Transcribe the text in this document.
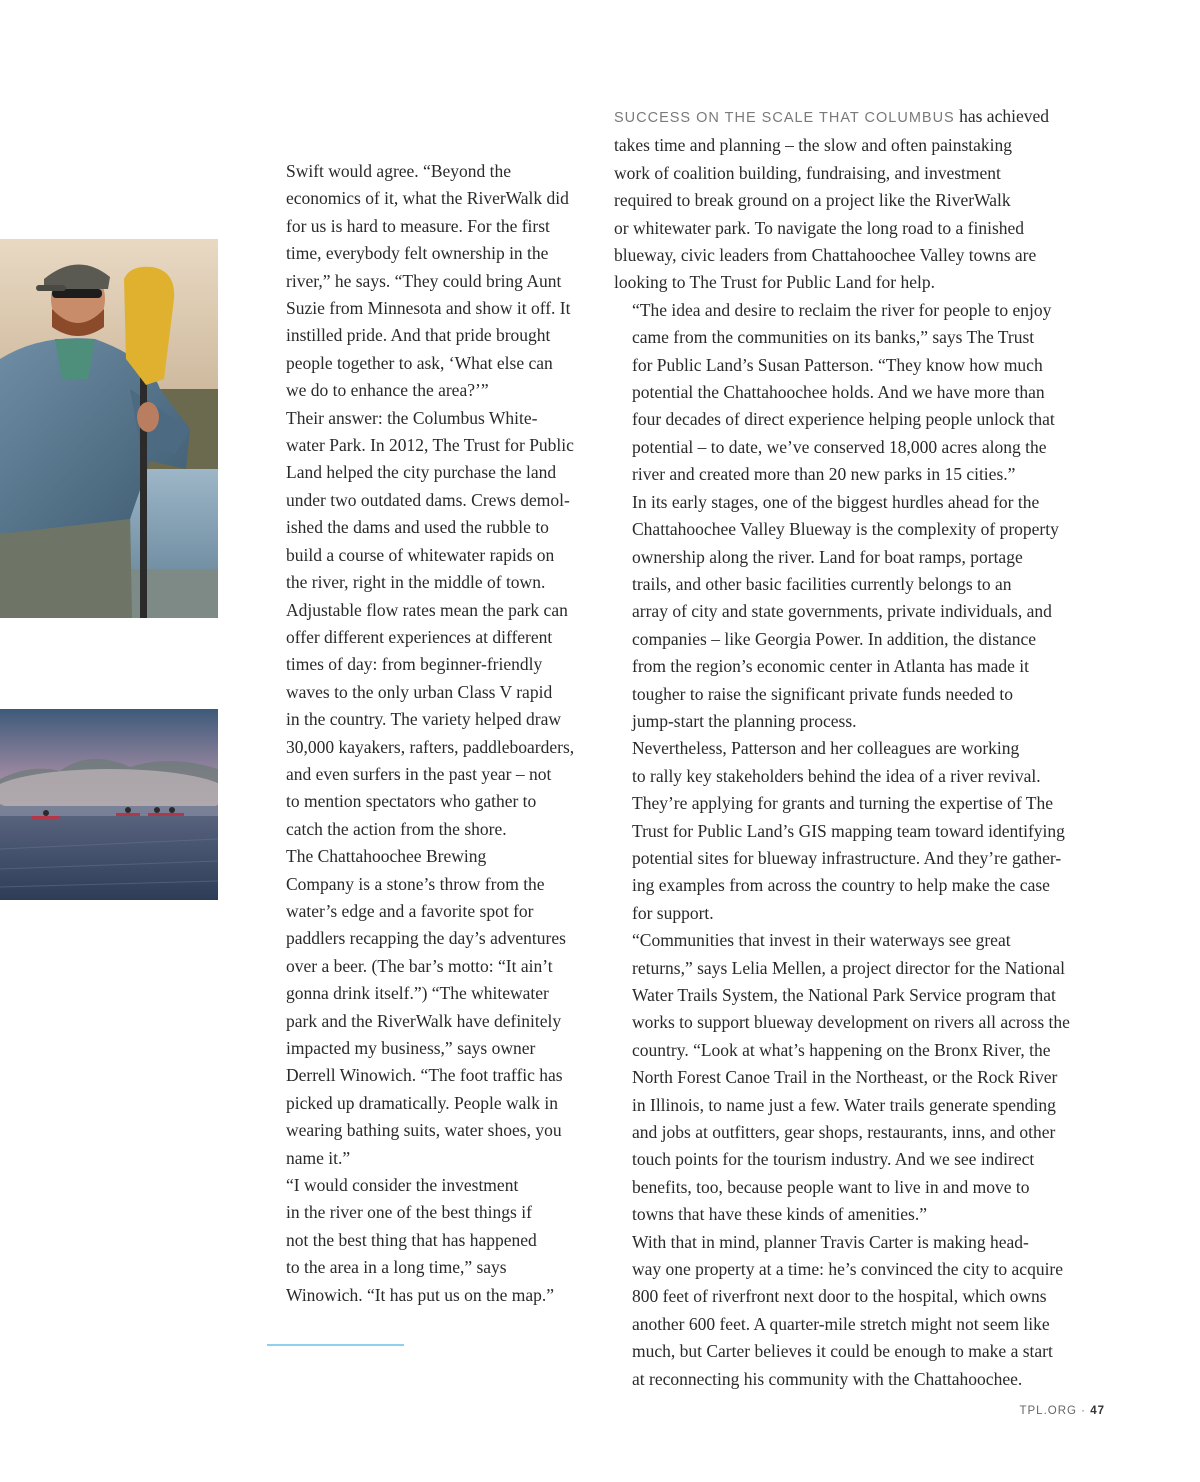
Swift would agree. “Beyond the
economics of it, what the RiverWalk did
for us is hard to measure. For the first
time, everybody felt ownership in the
river,” he says. “They could bring Aunt
Suzie from Minnesota and show it off. It
instilled pride. And that pride brought
people together to ask, ‘What else can
we do to enhance the area?’”

Their answer: the Columbus White-
water Park. In 2012, The Trust for Public
Land helped the city purchase the land
under two outdated dams. Crews demol-
ished the dams and used the rubble to
build a course of whitewater rapids on
the river, right in the middle of town.
Adjustable flow rates mean the park can
offer different experiences at different
times of day: from beginner-friendly
waves to the only urban Class V rapid
in the country. The variety helped draw
30,000 kayakers, rafters, paddleboarders,
and even surfers in the past year – not
to mention spectators who gather to
catch the action from the shore.

The Chattahoochee Brewing
Company is a stone’s throw from the
water’s edge and a favorite spot for
paddlers recapping the day’s adventures
over a beer. (The bar’s motto: “It ain’t
gonna drink itself.”) “The whitewater
park and the RiverWalk have definitely
impacted my business,” says owner
Derrell Winowich. “The foot traffic has
picked up dramatically. People walk in
wearing bathing suits, water shoes, you
name it.”

“I would consider the investment
in the river one of the best things if
not the best thing that has happened
to the area in a long time,” says
Winowich. “It has put us on the map.”

SUCCESS ON THE SCALE THAT COLUMBUS has achieved
takes time and planning – the slow and often painstaking
work of coalition building, fundraising, and investment
required to break ground on a project like the RiverWalk
or whitewater park. To navigate the long road to a finished
blueway, civic leaders from Chattahoochee Valley towns are
looking to The Trust for Public Land for help.

“The idea and desire to reclaim the river for people to enjoy
came from the communities on its banks,” says The Trust
for Public Land’s Susan Patterson. “They know how much
potential the Chattahoochee holds. And we have more than
four decades of direct experience helping people unlock that
potential – to date, we’ve conserved 18,000 acres along the
river and created more than 20 new parks in 15 cities.”

In its early stages, one of the biggest hurdles ahead for the
Chattahoochee Valley Blueway is the complexity of property
ownership along the river. Land for boat ramps, portage
trails, and other basic facilities currently belongs to an
array of city and state governments, private individuals, and
companies – like Georgia Power. In addition, the distance
from the region’s economic center in Atlanta has made it
tougher to raise the significant private funds needed to
jump-start the planning process.

Nevertheless, Patterson and her colleagues are working
to rally key stakeholders behind the idea of a river revival.
They’re applying for grants and turning the expertise of The
Trust for Public Land’s GIS mapping team toward identifying
potential sites for blueway infrastructure. And they’re gather-
ing examples from across the country to help make the case
for support.

“Communities that invest in their waterways see great
returns,” says Lelia Mellen, a project director for the National
Water Trails System, the National Park Service program that
works to support blueway development on rivers all across the
country. “Look at what’s happening on the Bronx River, the
North Forest Canoe Trail in the Northeast, or the Rock River
in Illinois, to name just a few. Water trails generate spending
and jobs at outfitters, gear shops, restaurants, inns, and other
touch points for the tourism industry. And we see indirect
benefits, too, because people want to live in and move to
towns that have these kinds of amenities.”

With that in mind, planner Travis Carter is making head-
way one property at a time: he’s convinced the city to acquire
800 feet of riverfront next door to the hospital, which owns
another 600 feet. A quarter-mile stretch might not seem like
much, but Carter believes it could be enough to make a start
at reconnecting his community with the Chattahoochee.

TPL.ORG · 47
